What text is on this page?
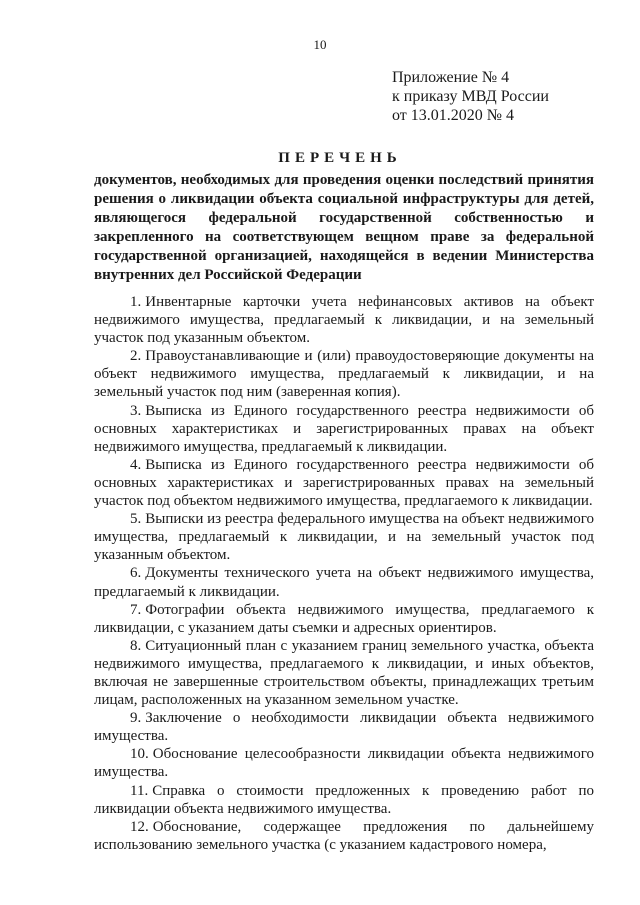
10
Приложение № 4
к приказу МВД России
от 13.01.2020 № 4
ПЕРЕЧЕНЬ
документов, необходимых для проведения оценки последствий принятия решения о ликвидации объекта социальной инфраструктуры для детей, являющегося федеральной государственной собственностью и закрепленного на соответствующем вещном праве за федеральной государственной организацией, находящейся в ведении Министерства внутренних дел Российской Федерации

1. Инвентарные карточки учета нефинансовых активов на объект недвижимого имущества, предлагаемый к ликвидации, и на земельный участок под указанным объектом.

2. Правоустанавливающие и (или) правоудостоверяющие документы на объект недвижимого имущества, предлагаемый к ликвидации, и на земельный участок под ним (заверенная копия).

3. Выписка из Единого государственного реестра недвижимости об основных характеристиках и зарегистрированных правах на объект недвижимого имущества, предлагаемый к ликвидации.

4. Выписка из Единого государственного реестра недвижимости об основных характеристиках и зарегистрированных правах на земельный участок под объектом недвижимого имущества, предлагаемого к ликвидации.

5. Выписки из реестра федерального имущества на объект недвижимого имущества, предлагаемый к ликвидации, и на земельный участок под указанным объектом.

6. Документы технического учета на объект недвижимого имущества, предлагаемый к ликвидации.

7. Фотографии объекта недвижимого имущества, предлагаемого к ликвидации, с указанием даты съемки и адресных ориентиров.

8. Ситуационный план с указанием границ земельного участка, объекта недвижимого имущества, предлагаемого к ликвидации, и иных объектов, включая не завершенные строительством объекты, принадлежащих третьим лицам, расположенных на указанном земельном участке.

9. Заключение о необходимости ликвидации объекта недвижимого имущества.

10. Обоснование целесообразности ликвидации объекта недвижимого имущества.

11. Справка о стоимости предложенных к проведению работ по ликвидации объекта недвижимого имущества.

12. Обоснование, содержащее предложения по дальнейшему использованию земельного участка (с указанием кадастрового номера,
